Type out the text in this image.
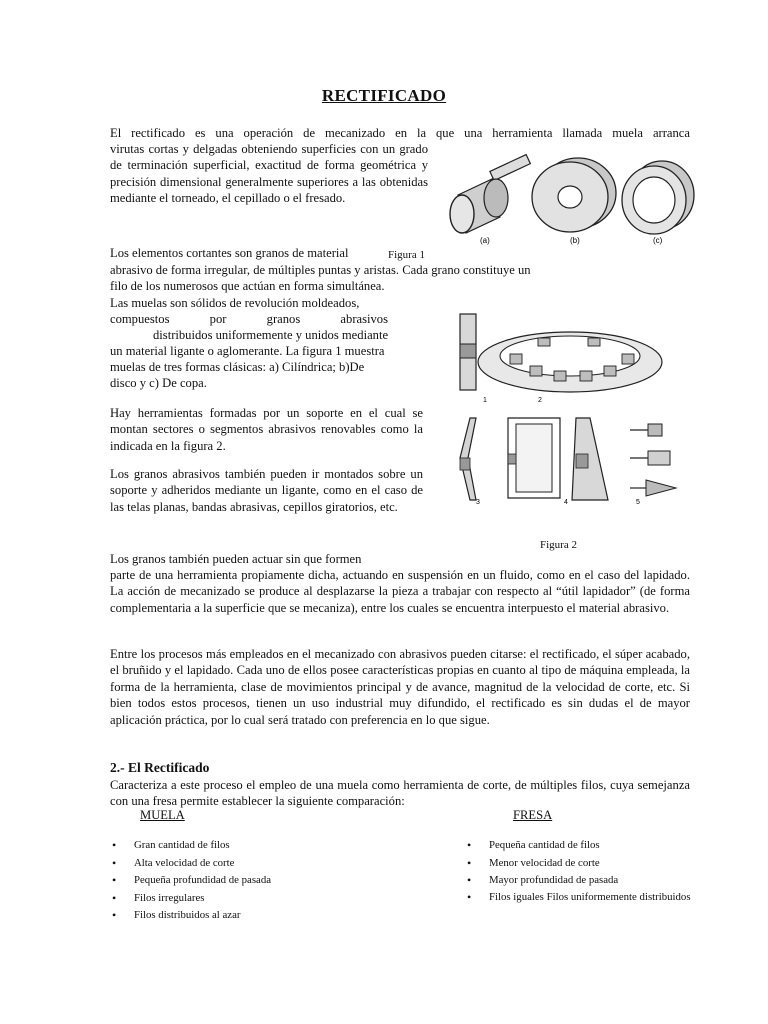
RECTIFICADO
El rectificado es una operación de mecanizado en la que una herramienta llamada muela arranca
virutas cortas y delgadas obteniendo superficies con un grado de terminación superficial, exactitud de forma geométrica y precisión dimensional generalmente superiores a las obtenidas mediante el torneado, el cepillado o el fresado.
(a)	(b)	(c)
Los elementos cortantes son granos de material	Figura 1
abrasivo de forma irregular, de múltiples puntas y aristas. Cada grano constituye un
filo de los numerosos que actúan en forma simultánea.
Las muelas son sólidos de revolución moldeados,
compuestos por granos abrasivos
distribuidos uniformemente y unidos mediante
un material ligante o aglomerante. La figura 1 muestra
muelas de tres formas clásicas: a) Cilíndrica; b)De
disco y c) De copa.
Hay herramientas formadas por un soporte en el cual se montan sectores o segmentos abrasivos renovables como la indicada en la figura 2.
Los granos abrasivos también pueden ir montados sobre un soporte y adheridos mediante un ligante, como en el caso de las telas planas, bandas abrasivas, cepillos giratorios, etc.
1	2
3	4	5
Figura 2
Los granos también pueden actuar sin que formen
parte de una herramienta propiamente dicha, actuando en suspensión en un fluido, como en el caso del lapidado. La acción de mecanizado se produce al desplazarse la pieza a trabajar con respecto al “útil lapidador” (de forma complementaria a la superficie que se mecaniza), entre los cuales se encuentra interpuesto el material abrasivo.
Entre los procesos más empleados en el mecanizado con abrasivos pueden citarse: el rectificado, el súper acabado, el bruñido y el lapidado. Cada uno de ellos posee características propias en cuanto al tipo de máquina empleada, la forma de la herramienta, clase de movimientos principal y de avance, magnitud de la velocidad de corte, etc. Si bien todos estos procesos, tienen un uso industrial muy difundido, el rectificado es sin dudas el de mayor aplicación práctica, por lo cual será tratado con preferencia en lo que sigue.
2.- El Rectificado
Caracteriza a este proceso el empleo de una muela como herramienta de corte, de múltiples filos, cuya semejanza con una fresa permite establecer la siguiente comparación:
MUELA	FRESA
• Gran cantidad de filos
• Alta velocidad de corte
• Pequeña profundidad de pasada
• Filos irregulares
• Filos distribuidos al azar
• Pequeña cantidad de filos
• Menor velocidad de corte
• Mayor profundidad de pasada
• Filos iguales Filos uniformemente distribuidos
